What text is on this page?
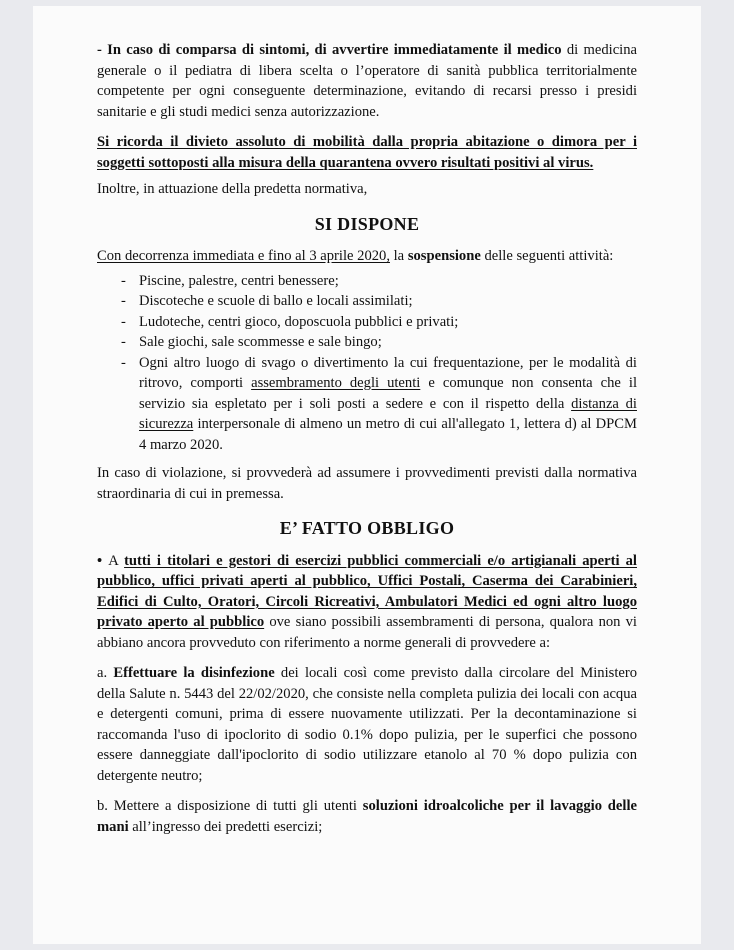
- In caso di comparsa di sintomi, di avvertire immediatamente il medico di medicina generale o il pediatra di libera scelta o l’operatore di sanità pubblica territorialmente competente per ogni conseguente determinazione, evitando di recarsi presso i presidi sanitarie e gli studi medici senza autorizzazione.

Si ricorda il divieto assoluto di mobilità dalla propria abitazione o dimora per i soggetti sottoposti alla misura della quarantena ovvero risultati positivi al virus.

Inoltre, in attuazione della predetta normativa,

SI DISPONE

Con decorrenza immediata e fino al 3 aprile 2020, la sospensione delle seguenti attività:

- Piscine, palestre, centri benessere;
- Discoteche e scuole di ballo e locali assimilati;
- Ludoteche, centri gioco, doposcuola pubblici e privati;
- Sale giochi, sale scommesse e sale bingo;
- Ogni altro luogo di svago o divertimento la cui frequentazione, per le modalità di ritrovo, comporti assembramento degli utenti e comunque non consenta che il servizio sia espletato per i soli posti a sedere e con il rispetto della distanza di sicurezza interpersonale di almeno un metro di cui all'allegato 1, lettera d) al DPCM 4 marzo 2020.

In caso di violazione, si provvederà ad assumere i provvedimenti previsti dalla normativa straordinaria di cui in premessa.

E’ FATTO OBBLIGO

• A tutti i titolari e gestori di esercizi pubblici commerciali e/o artigianali aperti al pubblico, uffici privati aperti al pubblico, Uffici Postali, Caserma dei Carabinieri, Edifici di Culto, Oratori, Circoli Ricreativi, Ambulatori Medici ed ogni altro luogo privato aperto al pubblico ove siano possibili assembramenti di persona, qualora non vi abbiano ancora provveduto con riferimento a norme generali di provvedere a:

a. Effettuare la disinfezione dei locali così come previsto dalla circolare del Ministero della Salute n. 5443 del 22/02/2020, che consiste nella completa pulizia dei locali con acqua e detergenti comuni, prima di essere nuovamente utilizzati. Per la decontaminazione si raccomanda l'uso di ipoclorito di sodio 0.1% dopo pulizia, per le superfici che possono essere danneggiate dall'ipoclorito di sodio utilizzare etanolo al 70 % dopo pulizia con detergente neutro;

b. Mettere a disposizione di tutti gli utenti soluzioni idroalcoliche per il lavaggio delle mani all’ingresso dei predetti esercizi;
